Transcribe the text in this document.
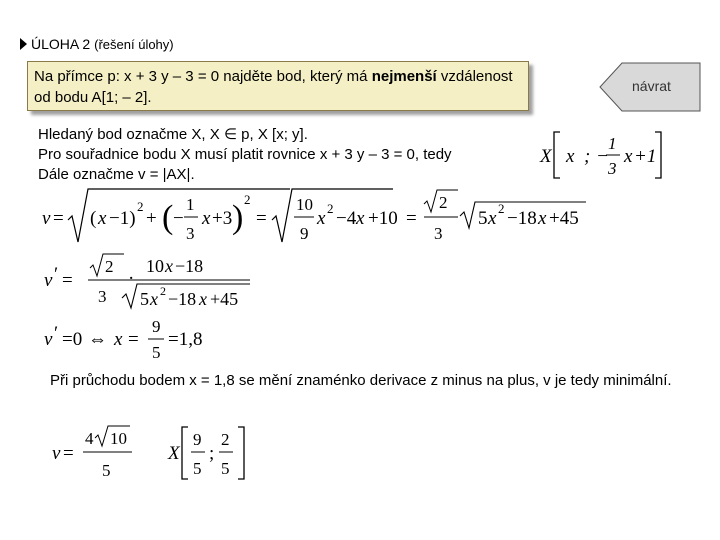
ÚLOHA 2 (řešení úlohy)
Na přímce p: x + 3 y – 3 = 0 najděte bod, který má nejmenší vzdálenost od bodu A[1; – 2].
návrat
Hledaný bod označme X, X ∈ p, X [x; y].
Pro souřadnice bodu X musí platit rovnice x + 3 y – 3 = 0, tedy
Dále označme v = |AX|.
X x ; −
1
3
x +1
v = ( x −1)
2
+ ( −
1
3
x +3 ) 2
=
10
9
x 2 −4 x +10 =
2
3
5 x 2 −18 x +45
v ′ =
2
3
·
10 x −18
5 x 2 −18 x +45
v ′ =0 ⇔ x =
9
5
=1,8
Při průchodu bodem x = 1,8 se mění znaménko derivace z minus na plus, v je tedy minimální.
v =
4 10
5
X
9
5
;
2
5
